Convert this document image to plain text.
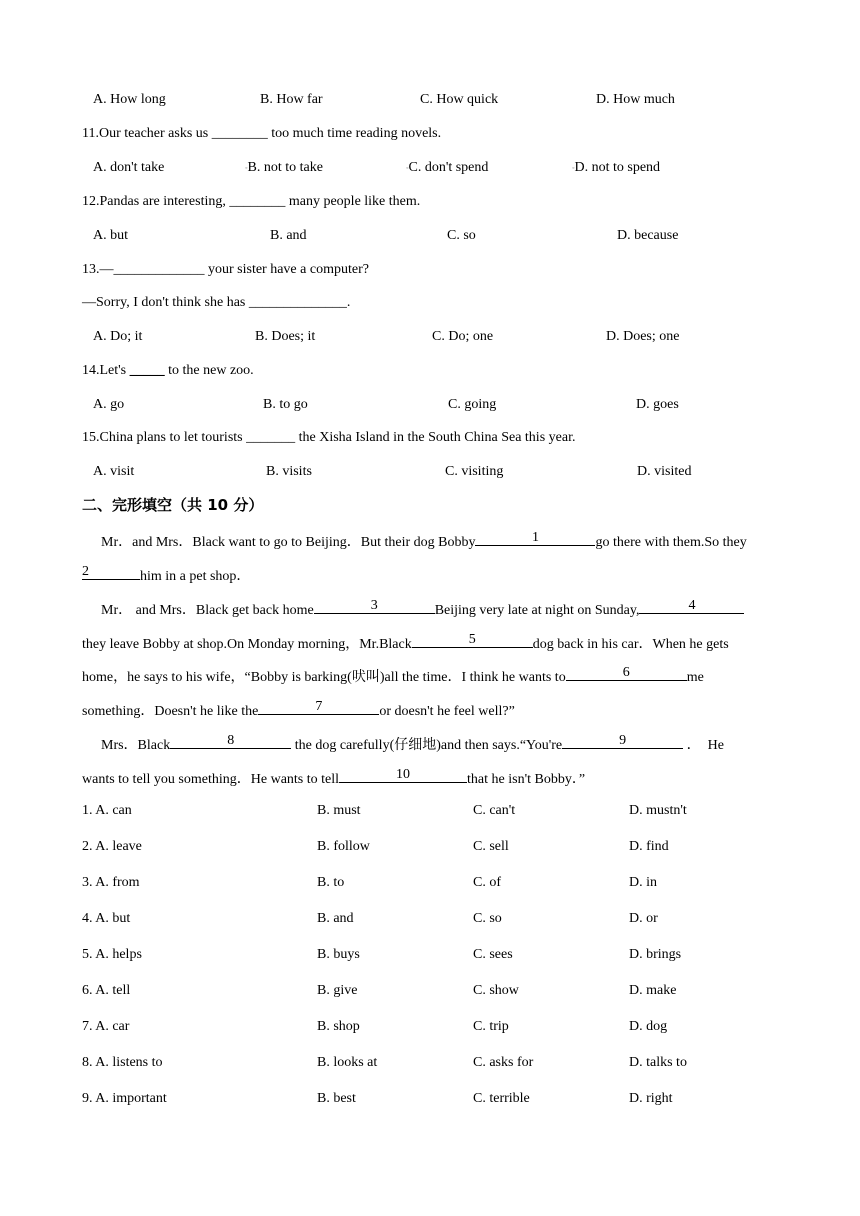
A. How long	B. How far	C. How quick	D. How much
11.Our teacher asks us ________ too much time reading novels.
A. don't take	◦B. not to take	◦C. don't spend	◦D. not to spend
12.Pandas are interesting, ________ many people like them.
A. but	B. and	C. so	D. because
13.—_____________ your sister have a computer?
—Sorry, I don't think she has ______________.
A. Do; it	B. Does; it	C. Do; one	D. Does; one
14.Let's _____ to the new zoo.
A. go	B. to go	C. going	D. goes
15.China plans to let tourists _______ the Xisha Island in the South China Sea this year.
A. visit	B. visits	C. visiting	D. visited
二、完形填空（共 10 分）
Mr．and Mrs．Black want to go to Beijing．But their dog Bobby	1	go there with them.So they
2	him in a pet shop．
Mr． and Mrs．Black get back home	3	Beijing very late at night on Sunday,	4
they leave Bobby at shop.On Monday morning，Mr.Black	5	dog back in his car．When he gets
home，he says to his wife，“Bobby is barking(吠叫)all the time．I think he wants to	6	me
something．Doesn't he like the	7	or doesn't he feel well?”
Mrs．Black	8	the dog carefully(仔细地)and then says.“You're	9	．  He
wants to tell you something．He wants to tell	10	that he isn't Bobby．”
1. A. can	B. must	C. can't	D. mustn't
2. A. leave	B. follow	C. sell	D. find
3. A. from	B. to	C. of	D. in
4. A. but	B. and	C. so	D. or
5. A. helps	B. buys	C. sees	D. brings
6. A. tell	B. give	C. show	D. make
7. A. car	B. shop	C. trip	D. dog
8. A. listens to	B. looks at	C. asks for	D. talks to
9. A. important	B. best	C. terrible	D. right
